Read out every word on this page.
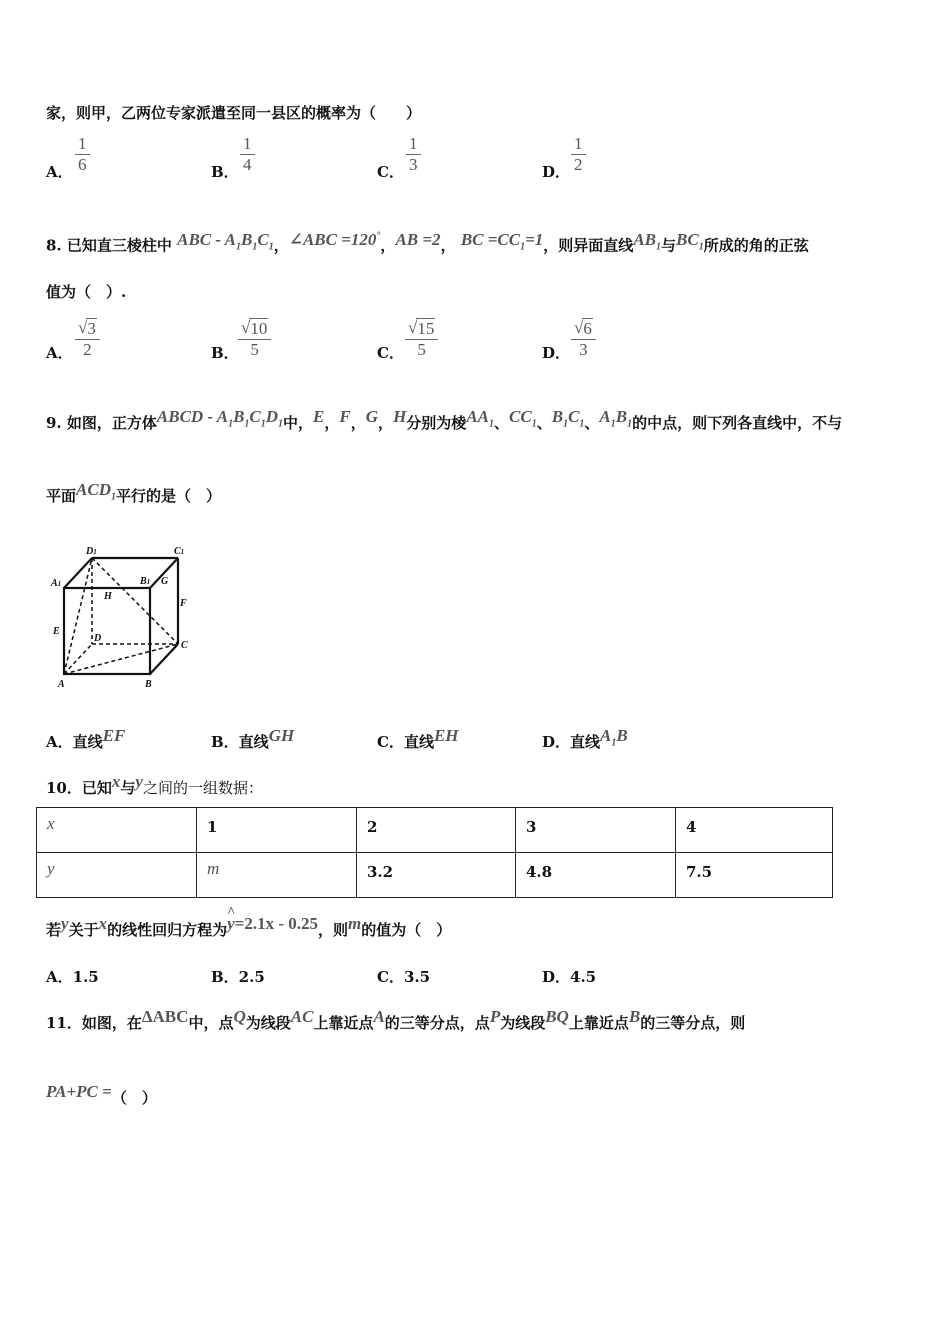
家，则甲，乙两位专家派遣至同一县区的概率为（　　）
A．
1
6	B．
1
4	C．
1
3	D．
1
2
8. 已知直三棱柱中 ABC - $A_1B_1C_1$，∠ABC =120°，AB =2， BC $=CC_1=1$，则异面直线$AB_1$与$BC_1$所成的角的正弦
值为（　）.
A．
√ 3
2	B．
√ 10
5	C．
√ 15
5	D．
√ 6
3
9. 如图，正方体ABCD - $A_1B_1C_1D_1$中，E，F，G，H分别为棱$AA_1$、$CC_1$、$B_1C_1$、$A_1B_1$的中点，则下列各直线中，不与
平面$ACD_1$平行的是（　）
D1	C1
A1	B1 G
H
F
E
D
C
A	B
A．直线EF	B．直线GH	C．直线EH	D．直线$A_1B$
10．已知x与y之间的一组数据：
x	1	2	3	4
y	m	3.2	4.8	7.5
若y关于x的线性回归方程为^ y=2.1x - 0.25，则m的值为（　）
A．1.5	B．2.5	C．3.5	D．4.5
11．如图，在ΔABC中，点Q为线段AC上靠近点A的三等分点，点P为线段BQ上靠近点B的三等分点，则
PA+PC =（　）
